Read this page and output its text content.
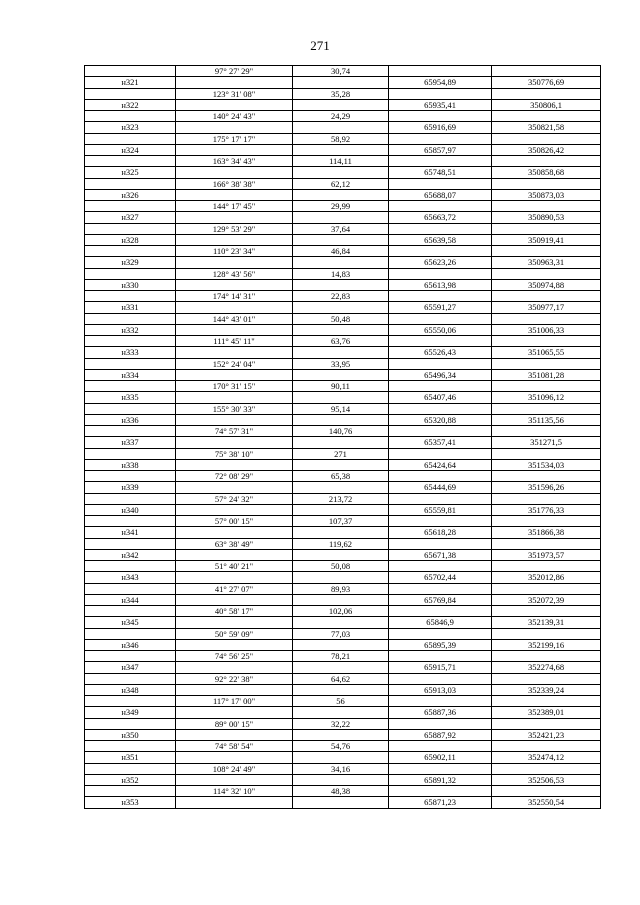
271
	97° 27' 29"	30,74		
н321			65954,89	350776,69
	123° 31' 08"	35,28		
н322			65935,41	350806,1
	140° 24' 43"	24,29		
н323			65916,69	350821,58
	175° 17' 17"	58,92		
н324			65857,97	350826,42
	163° 34' 43"	114,11		
н325			65748,51	350858,68
	166° 38' 38"	62,12		
н326			65688,07	350873,03
	144° 17' 45"	29,99		
н327			65663,72	350890,53
	129° 53' 29"	37,64		
н328			65639,58	350919,41
	110° 23' 34"	46,84		
н329			65623,26	350963,31
	128° 43' 56"	14,83		
н330			65613,98	350974,88
	174° 14' 31"	22,83		
н331			65591,27	350977,17
	144° 43' 01"	50,48		
н332			65550,06	351006,33
	111° 45' 11"	63,76		
н333			65526,43	351065,55
	152° 24' 04"	33,95		
н334			65496,34	351081,28
	170° 31' 15"	90,11		
н335			65407,46	351096,12
	155° 30' 33"	95,14		
н336			65320,88	351135,56
	74° 57' 31"	140,76		
н337			65357,41	351271,5
	75° 38' 10"	271		
н338			65424,64	351534,03
	72° 08' 29"	65,38		
н339			65444,69	351596,26
	57° 24' 32"	213,72		
н340			65559,81	351776,33
	57° 00' 15"	107,37		
н341			65618,28	351866,38
	63° 38' 49"	119,62		
н342			65671,38	351973,57
	51° 40' 21"	50,08		
н343			65702,44	352012,86
	41° 27' 07"	89,93		
н344			65769,84	352072,39
	40° 58' 17"	102,06		
н345			65846,9	352139,31
	50° 59' 09"	77,03		
н346			65895,39	352199,16
	74° 56' 25"	78,21		
н347			65915,71	352274,68
	92° 22' 38"	64,62		
н348			65913,03	352339,24
	117° 17' 00"	56		
н349			65887,36	352389,01
	89° 00' 15"	32,22		
н350			65887,92	352421,23
	74° 58' 54"	54,76		
н351			65902,11	352474,12
	108° 24' 49"	34,16		
н352			65891,32	352506,53
	114° 32' 10"	48,38		
н353			65871,23	352550,54
